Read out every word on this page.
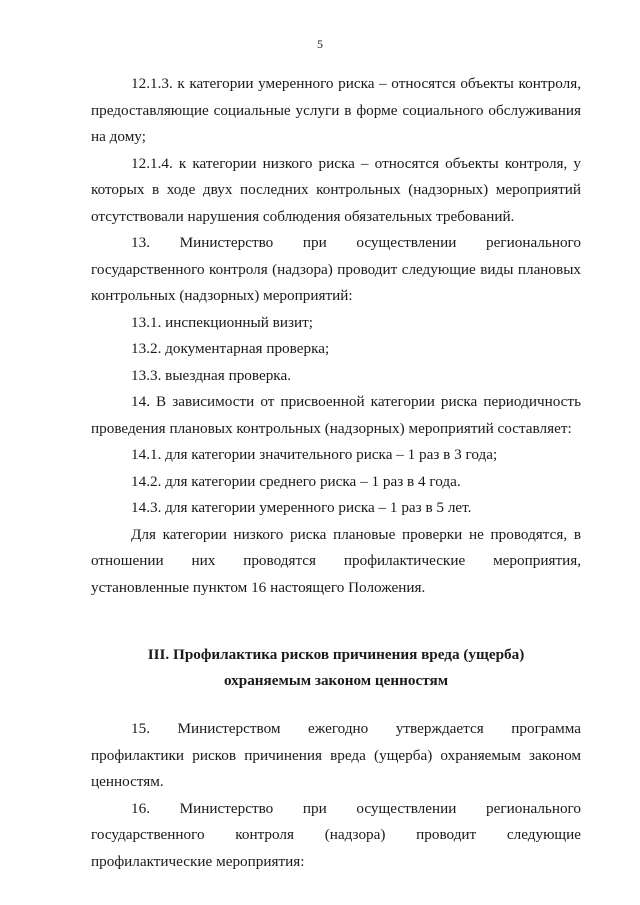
5

12.1.3. к категории умеренного риска – относятся объекты контроля, предоставляющие социальные услуги в форме социального обслуживания на дому;

12.1.4. к категории низкого риска – относятся объекты контроля, у которых в ходе двух последних контрольных (надзорных) мероприятий отсутствовали нарушения соблюдения обязательных требований.

13. Министерство при осуществлении регионального

государственного контроля (надзора) проводит следующие виды плановых контрольных (надзорных) мероприятий:

13.1. инспекционный визит;

13.2. документарная проверка;

13.3. выездная проверка.

14. В зависимости от присвоенной категории риска периодичность проведения плановых контрольных (надзорных) мероприятий составляет:

14.1. для категории значительного риска – 1 раз в 3 года;

14.2. для категории среднего риска – 1 раз в 4 года.

14.3. для категории умеренного риска – 1 раз в 5 лет.

Для категории низкого риска плановые проверки не проводятся, в

отношении них проводятся профилактические мероприятия,

установленные пунктом 16 настоящего Положения.

III. Профилактика рисков причинения вреда (ущерба)
охраняемым законом ценностям

15. Министерством ежегодно утверждается программа профилактики рисков причинения вреда (ущерба) охраняемым законом ценностям.

16. Министерство при осуществлении регионального

государственного контроля (надзора) проводит следующие

профилактические мероприятия:
